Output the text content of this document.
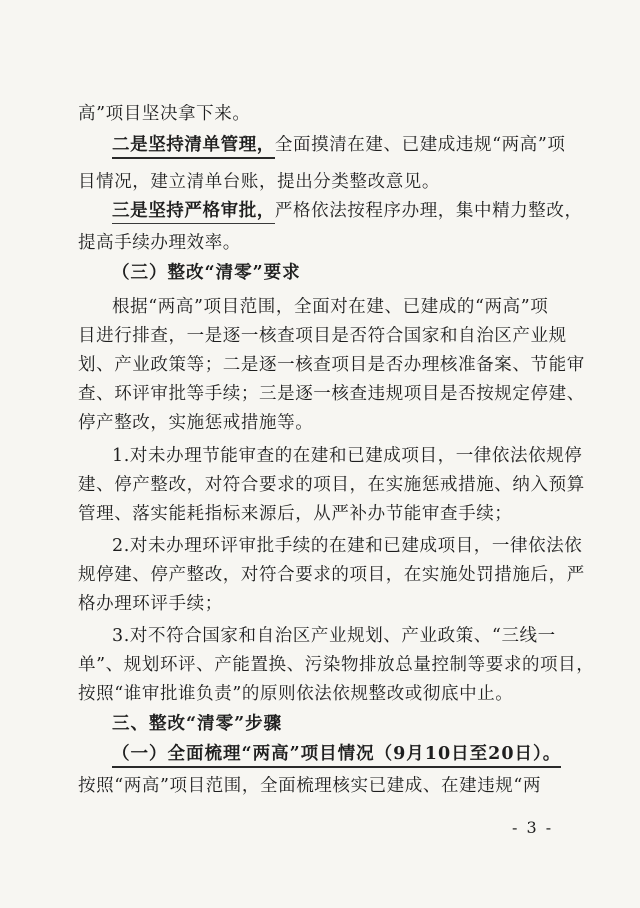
高”项目坚决拿下来。
二是坚持清单管理，全面摸清在建、已建成违规“两高”项
目情况，建立清单台账，提出分类整改意见。
三是坚持严格审批，严格依法按程序办理，集中精力整改，
提高手续办理效率。
（三）整改“清零”要求
根据“两高”项目范围，全面对在建、已建成的“两高”项
目进行排查，一是逐一核查项目是否符合国家和自治区产业规
划、产业政策等；二是逐一核查项目是否办理核准备案、节能审
查、环评审批等手续；三是逐一核查违规项目是否按规定停建、
停产整改，实施惩戒措施等。
1.对未办理节能审查的在建和已建成项目，一律依法依规停
建、停产整改，对符合要求的项目，在实施惩戒措施、纳入预算
管理、落实能耗指标来源后，从严补办节能审查手续；
2.对未办理环评审批手续的在建和已建成项目，一律依法依
规停建、停产整改，对符合要求的项目，在实施处罚措施后，严
格办理环评手续；
3.对不符合国家和自治区产业规划、产业政策、“三线一
单”、规划环评、产能置换、污染物排放总量控制等要求的项目，
按照“谁审批谁负责”的原则依法依规整改或彻底中止。
三、整改“清零”步骤
（一）全面梳理“两高”项目情况（9月10日至20日）。
按照“两高”项目范围，全面梳理核实已建成、在建违规“两
- 3 -
